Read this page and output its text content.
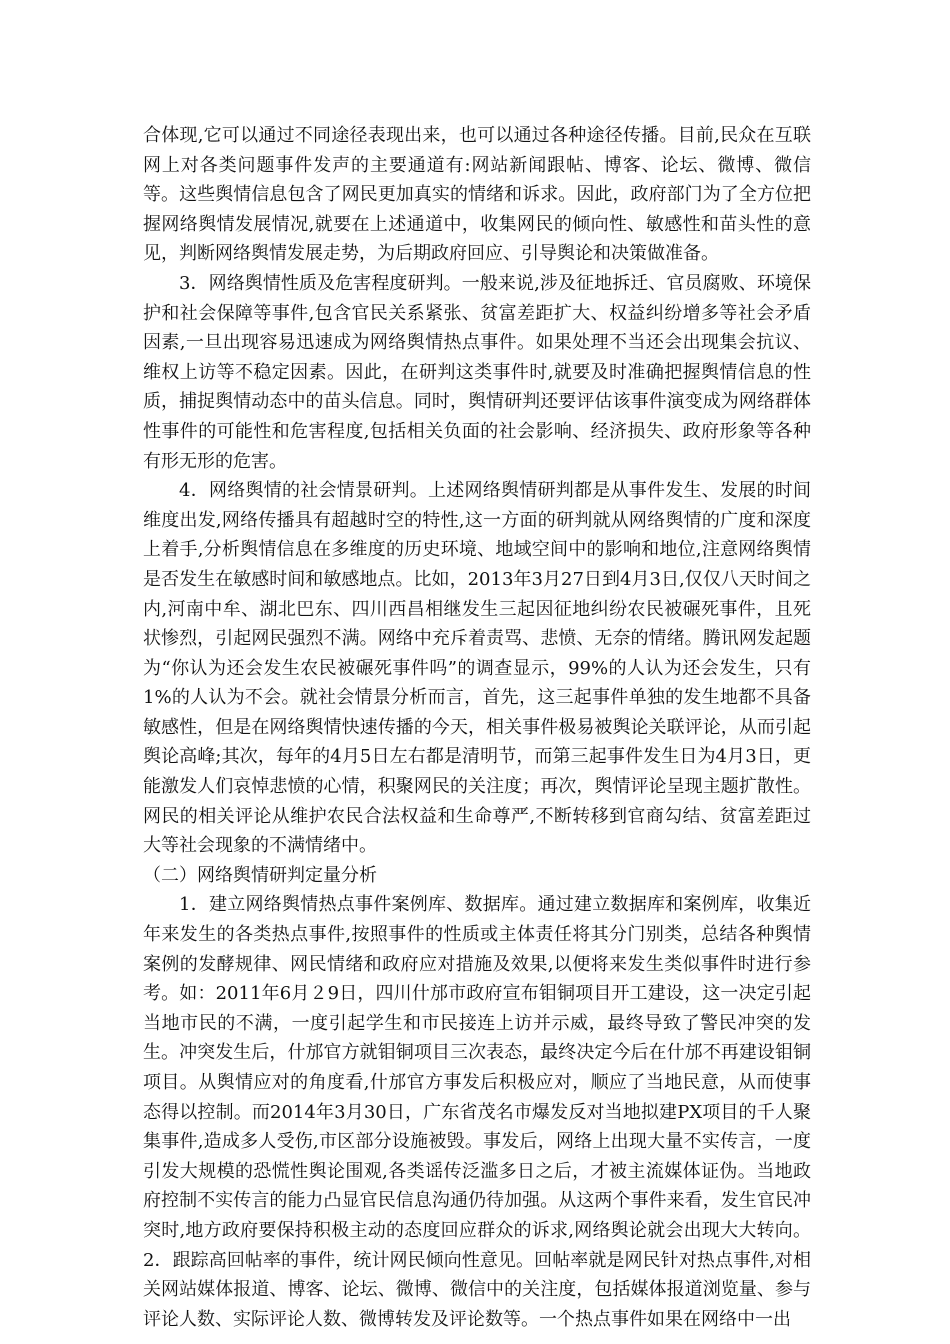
合体现,它可以通过不同途径表现出来，也可以通过各种途径传播。目前,民众在互联网上对各类问题事件发声的主要通道有:网站新闻跟帖、博客、论坛、微博、微信等。这些舆情信息包含了网民更加真实的情绪和诉求。因此，政府部门为了全方位把握网络舆情发展情况,就要在上述通道中，收集网民的倾向性、敏感性和苗头性的意见，判断网络舆情发展走势，为后期政府回应、引导舆论和决策做准备。

3．网络舆情性质及危害程度研判。一般来说,涉及征地拆迁、官员腐败、环境保护和社会保障等事件,包含官民关系紧张、贫富差距扩大、权益纠纷增多等社会矛盾因素,一旦出现容易迅速成为网络舆情热点事件。如果处理不当还会出现集会抗议、维权上访等不稳定因素。因此，在研判这类事件时,就要及时准确把握舆情信息的性质，捕捉舆情动态中的苗头信息。同时，舆情研判还要评估该事件演变成为网络群体性事件的可能性和危害程度,包括相关负面的社会影响、经济损失、政府形象等各种有形无形的危害。

4．网络舆情的社会情景研判。上述网络舆情研判都是从事件发生、发展的时间维度出发,网络传播具有超越时空的特性,这一方面的研判就从网络舆情的广度和深度上着手,分析舆情信息在多维度的历史环境、地域空间中的影响和地位,注意网络舆情是否发生在敏感时间和敏感地点。比如，2013年3月27日到4月3日,仅仅八天时间之内,河南中牟、湖北巴东、四川西昌相继发生三起因征地纠纷农民被碾死事件，且死状惨烈，引起网民强烈不满。网络中充斥着责骂、悲愤、无奈的情绪。腾讯网发起题为“你认为还会发生农民被碾死事件吗”的调查显示，99%的人认为还会发生，只有1%的人认为不会。就社会情景分析而言，首先，这三起事件单独的发生地都不具备敏感性，但是在网络舆情快速传播的今天，相关事件极易被舆论关联评论，从而引起舆论高峰;其次，每年的4月5日左右都是清明节，而第三起事件发生日为4月3日，更能激发人们哀悼悲愤的心情，积聚网民的关注度；再次，舆情评论呈现主题扩散性。网民的相关评论从维护农民合法权益和生命尊严,不断转移到官商勾结、贫富差距过大等社会现象的不满情绪中。

（二）网络舆情研判定量分析

1．建立网络舆情热点事件案例库、数据库。通过建立数据库和案例库，收集近年来发生的各类热点事件,按照事件的性质或主体责任将其分门别类，总结各种舆情案例的发酵规律、网民情绪和政府应对措施及效果,以便将来发生类似事件时进行参考。如：2011年6月２9日，四川什邡市政府宣布钼铜项目开工建设，这一决定引起当地市民的不满，一度引起学生和市民接连上访并示威，最终导致了警民冲突的发生。冲突发生后，什邡官方就钼铜项目三次表态，最终决定今后在什邡不再建设钼铜项目。从舆情应对的角度看,什邡官方事发后积极应对，顺应了当地民意，从而使事态得以控制。而2014年3月30日，广东省茂名市爆发反对当地拟建PX项目的千人聚集事件,造成多人受伤,市区部分设施被毁。事发后，网络上出现大量不实传言，一度引发大规模的恐慌性舆论围观,各类谣传泛滥多日之后，才被主流媒体证伪。当地政府控制不实传言的能力凸显官民信息沟通仍待加强。从这两个事件来看，发生官民冲突时,地方政府要保持积极主动的态度回应群众的诉求,网络舆论就会出现大大转向。 2．跟踪高回帖率的事件，统计网民倾向性意见。回帖率就是网民针对热点事件,对相关网站媒体报道、博客、论坛、微博、微信中的关注度，包括媒体报道浏览量、参与评论人数、实际评论人数、微博转发及评论数等。一个热点事件如果在网络中一出
